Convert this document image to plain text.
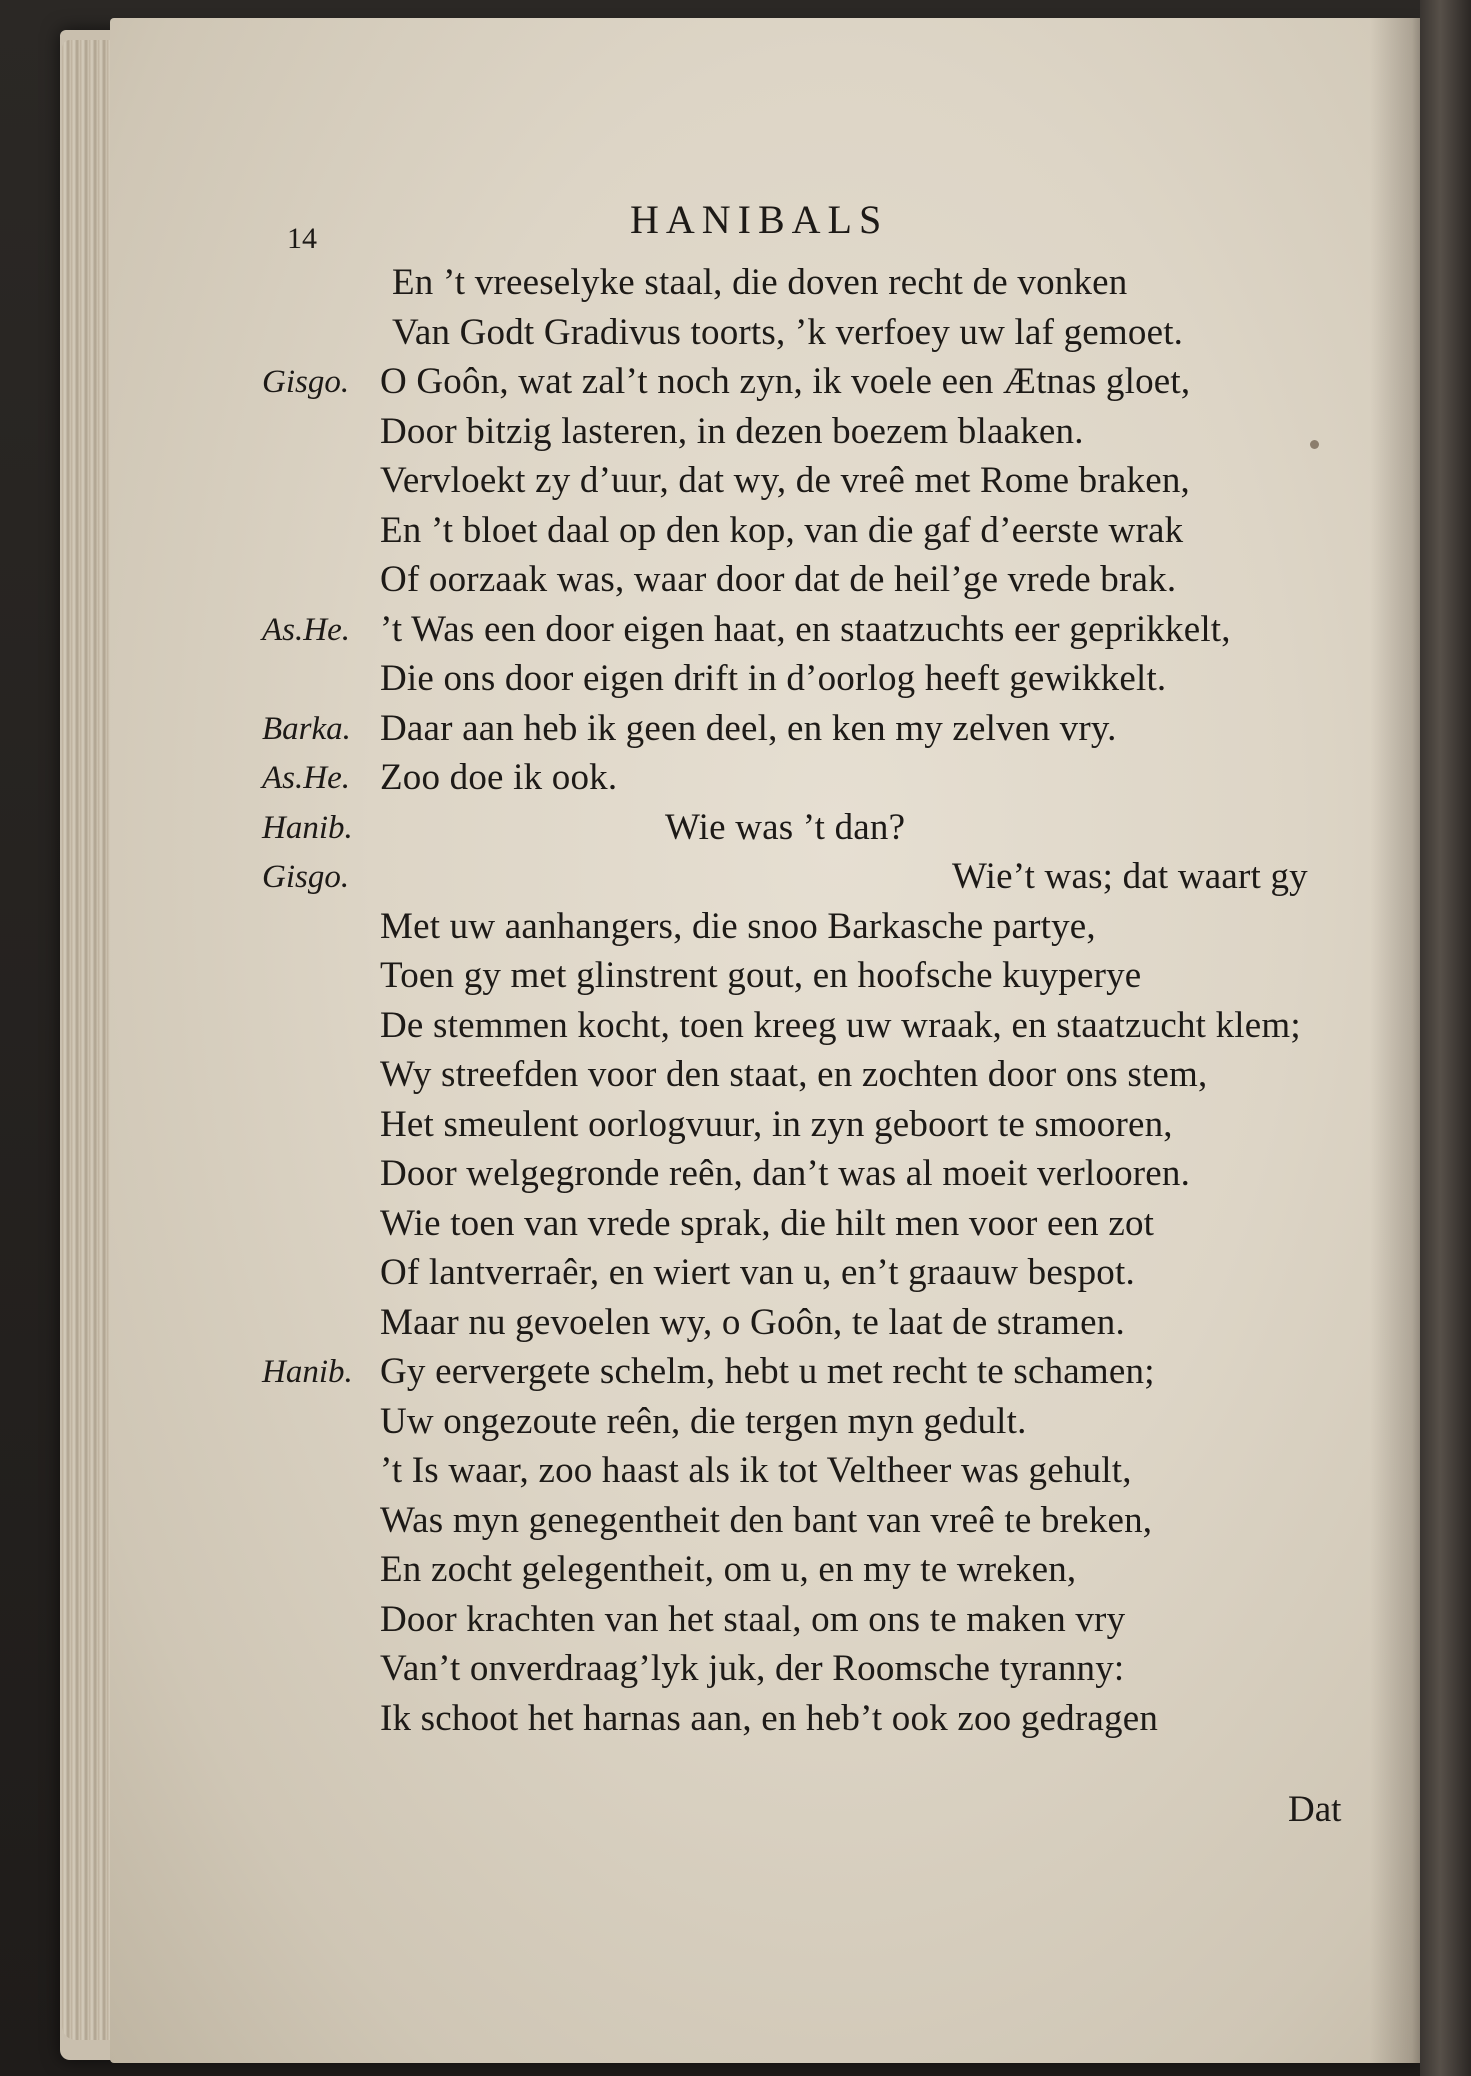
14	HANIBALS
En ’t vreeselyke staal, die doven recht de vonken
Van Godt Gradivus toorts, ’k verfoey uw laf gemoet.
Gisgo. O Goôn, wat zal’t noch zyn, ik voele een Ætnas gloet,
Door bitzig lasteren, in dezen boezem blaaken.
Vervloekt zy d’uur, dat wy, de vreê met Rome braken,
En ’t bloet daal op den kop, van die gaf d’eerste wrak
Of oorzaak was, waar door dat de heil’ge vrede brak.
As.He. ’t Was een door eigen haat, en staatzuchts eer geprikkelt,
Die ons door eigen drift in d’oorlog heeft gewikkelt.
Barka. Daar aan heb ik geen deel, en ken my zelven vry.
As.He. Zoo doe ik ook.
Hanib.	Wie was ’t dan?
Gisgo.	Wie’t was; dat waart gy
Met uw aanhangers, die snoo Barkasche partye,
Toen gy met glinstrent gout, en hoofsche kuyperye
De stemmen kocht, toen kreeg uw wraak, en staatzucht klem;
Wy streefden voor den staat, en zochten door ons stem,
Het smeulent oorlogvuur, in zyn geboort te smooren,
Door welgegronde reên, dan’t was al moeit verlooren.
Wie toen van vrede sprak, die hilt men voor een zot
Of lantverraêr, en wiert van u, en’t graauw bespot.
Maar nu gevoelen wy, o Goôn, te laat de stramen.
Hanib. Gy eervergete schelm, hebt u met recht te schamen;
Uw ongezoute reên, die tergen myn gedult.
’t Is waar, zoo haast als ik tot Veltheer was gehult,
Was myn genegentheit den bant van vreê te breken,
En zocht gelegentheit, om u, en my te wreken,
Door krachten van het staal, om ons te maken vry
Van’t onverdraag’lyk juk, der Roomsche tyranny:
Ik schoot het harnas aan, en heb’t ook zoo gedragen
Dat
